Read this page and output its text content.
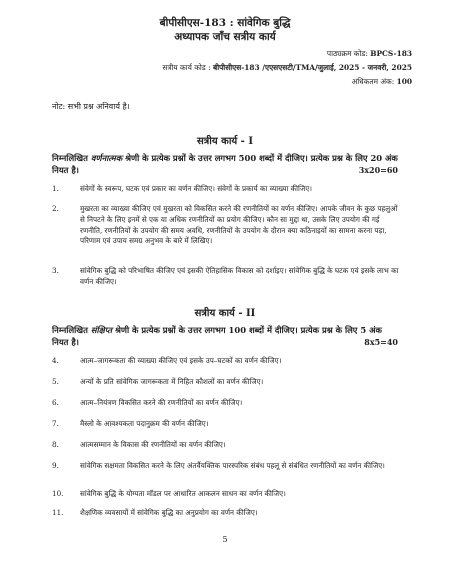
बीपीसीएस-183 : सांवेगिक बुद्धि
अध्यापक जाँच सत्रीय कार्य
पाठ्यक्रम कोड: BPCS-183
सत्रीय कार्य कोड : बीपीसीएस-183 /एएसएसटी/TMA/जुलाई, 2025 - जनवरी, 2025
अधिकतम अंक: 100
नोट: सभी प्रश्न अनिवार्य है।
सत्रीय कार्य - I
निम्नलिखित वर्णनात्मक श्रेणी के प्रत्येक प्रश्नों के उत्तर लगभग 500 शब्दों में दीजिए। प्रत्येक प्रश्न के लिए 20 अंक नियत है।	3x20=60
1.	संवेगों के स्वरूप, घटक एवं प्रकार का वर्णन कीजिए। संवेगों के प्रकार्य का व्याख्या कीजिए।
2.	मुखरता का व्याख्या कीजिए एवं मुखरता को विकसित करने की रणनीतियों का वर्णन कीजिए। आपके जीवन के कुछ पहलुओं से निपटने के लिए इनमें से एक या अधिक रणनीतियों का प्रयोग कीजिए। कौन सा मुद्दा था, उसके लिए उपयोग की गई रणनीति, रणनीतियों के उपयोग की समय अवधि, रणनीतियों के उपयोग के दौरान क्या कठिनाइयों का सामना करना पड़ा, परिणाम एवं उपाय समग्र अनुभव के बारे में लिखिए।
3.	सांवेगिक बुद्धि को परिभाषित कीजिए एवं इसकी ऐतिहासिक विकास को दर्शाइए। सांवेगिक बुद्धि के घटक एवं इसके लाभ का वर्णन कीजिए।
सत्रीय कार्य - II
निम्नलिखित संक्षिप्त श्रेणी के प्रत्येक प्रश्नों के उत्तर लगभग 100 शब्दों में दीजिए। प्रत्येक प्रश्न के लिए 5 अंक नियत है।	8x5=40
4.	आत्म–जागरूकता की व्याख्या कीजिए एवं इसके उप–घटकों का वर्णन कीजिए।
5.	अन्यों के प्रति सांवेगिक जागरूकता में निहित कौशलों का वर्णन कीजिए।
6.	आत्म–नियंत्रण विकसित करने की रणनीतियों का वर्णन कीजिए।
7.	मैस्लो के आवश्यकता पदानुक्रम की वर्णन कीजिए।
8.	आत्मसम्मान के विकास की रणनीतियों का वर्णन कीजिए।
9.	सांवेगिक सक्षमता विकसित करने के लिए अंतर्वैयक्तिक पारस्परिक संबंध पहलू से संबंधित रणनीतियों का वर्णन कीजिए।
10.	सांवेगिक बुद्धि के योग्यता मॉडल पर आधारित आकलन साधन का वर्णन कीजिए।
11.	शैक्षणिक व्यवसायों में सांवेगिक बुद्धि का अनुप्रयोग का वर्णन कीजिए।
5
